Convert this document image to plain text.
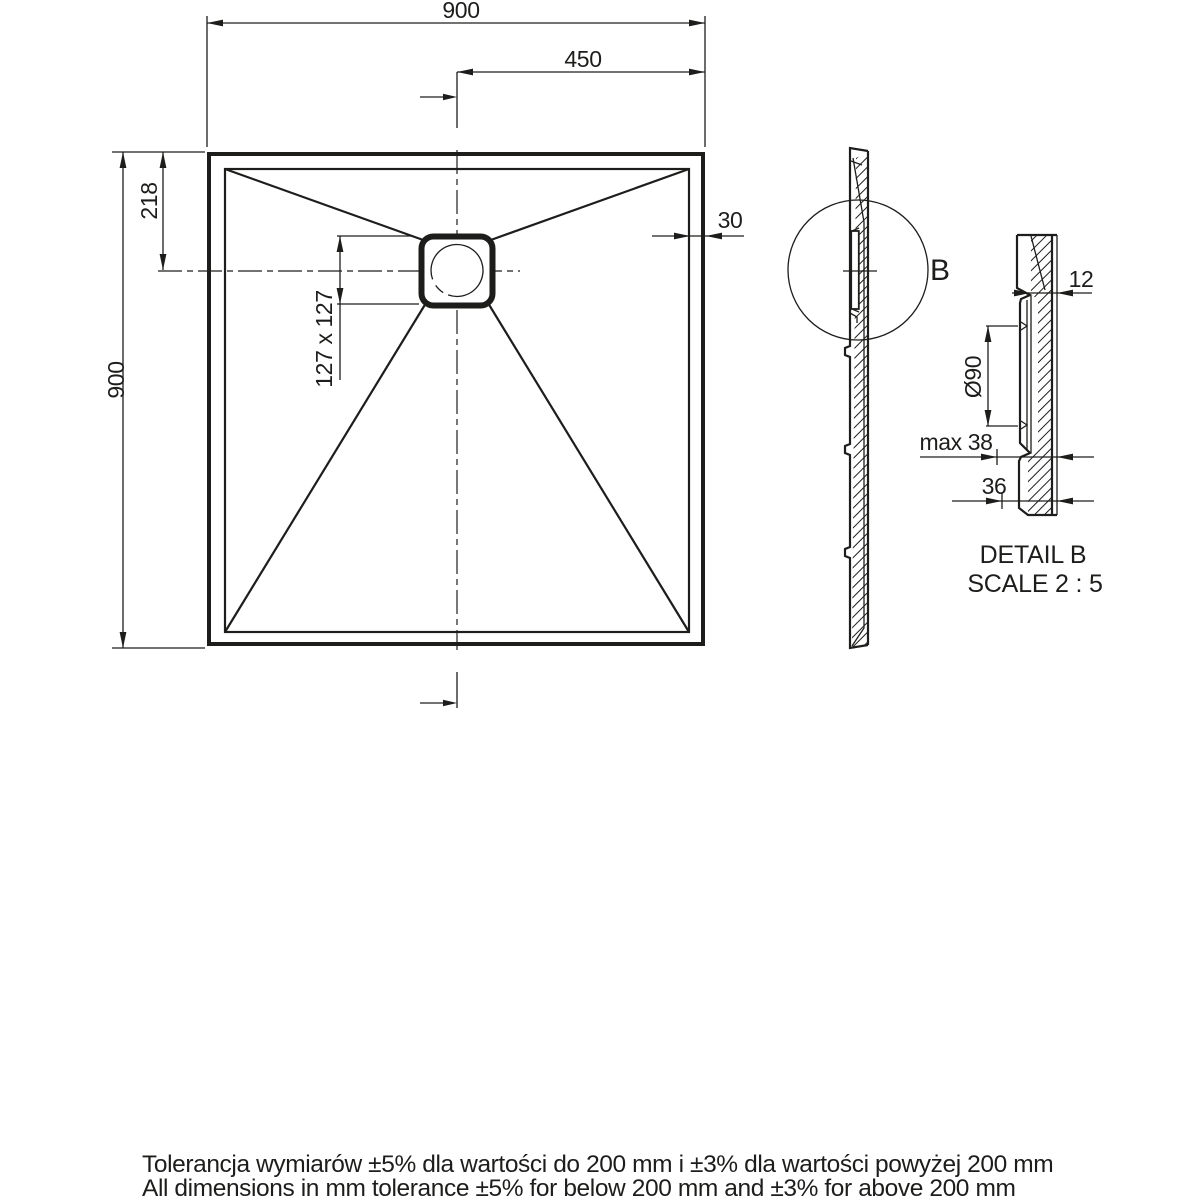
900
450
218
900	127 x 127
30
B	12
Ø90
max 38
36
DETAIL B
SCALE 2 : 5
Tolerancja wymiarów ±5% dla wartości do 200 mm i ±3% dla wartości powyżej 200 mm
All dimensions in mm tolerance ±5% for below 200 mm and ±3% for above 200 mm
